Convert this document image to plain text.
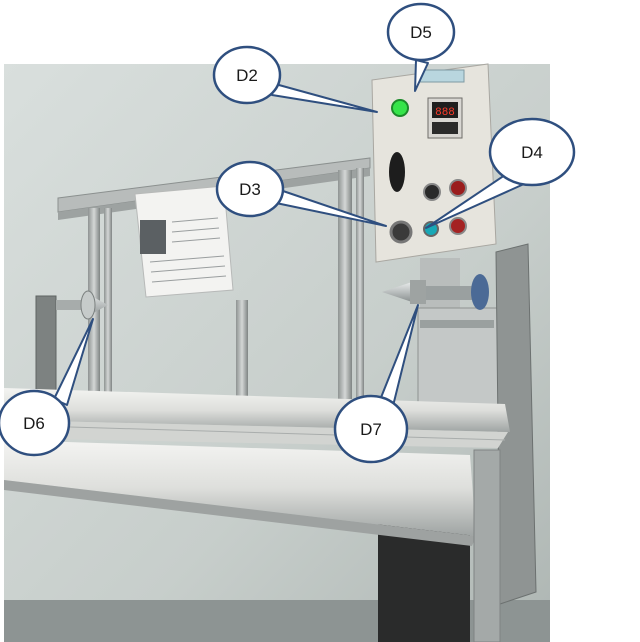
888
D5
D2
D4
D3
D6	D7
